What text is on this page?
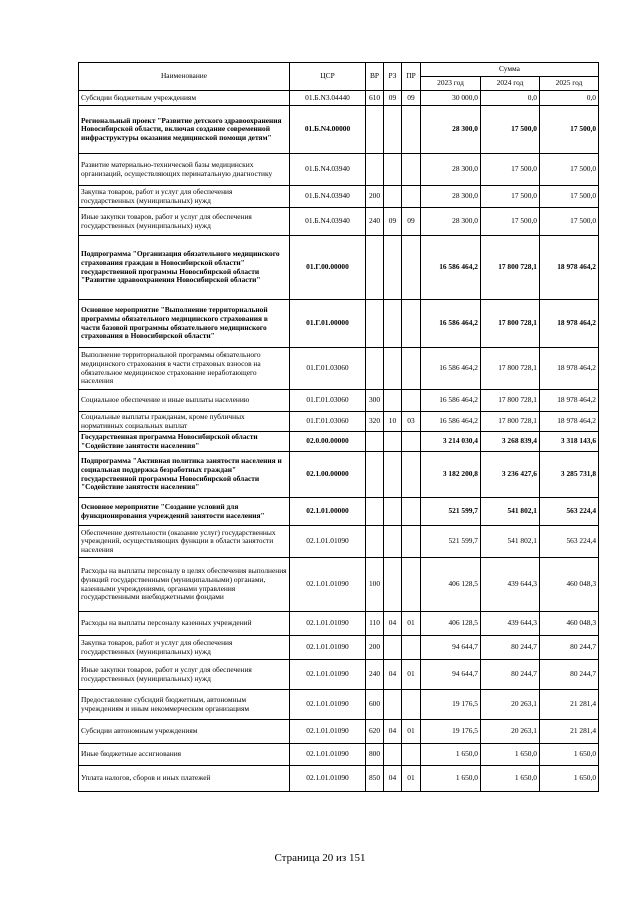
Наименование	ЦСР	ВР	РЗ	ПР	Сумма		
					2023 год	2024 год	2025 год
Субсидии бюджетным учреждениям	01.Б.N3.04440	610	09	09	30 000,0	0,0	0,0
Региональный проект "Развитие детского здравоохранения Новосибирской области, включая создание современной инфраструктуры оказания медицинской помощи детям"	01.Б.N4.00000				28 300,0	17 500,0	17 500,0
Развитие материально-технической базы медицинских организаций, осуществляющих перинатальную диагностику	01.Б.N4.03940				28 300,0	17 500,0	17 500,0
Закупка товаров, работ и услуг для обеспечения государственных (муниципальных) нужд	01.Б.N4.03940	200			28 300,0	17 500,0	17 500,0
Иные закупки товаров, работ и услуг для обеспечения государственных (муниципальных) нужд	01.Б.N4.03940	240	09	09	28 300,0	17 500,0	17 500,0
Подпрограмма "Организация обязательного медицинского страхования граждан в Новосибирской области" государственной программы Новосибирской области "Развитие здравоохранения Новосибирской области"	01.Г.00.00000				16 586 464,2	17 800 728,1	18 978 464,2
Основное мероприятие "Выполнение территориальной программы обязательного медицинского страхования в части базовой программы обязательного медицинского страхования в Новосибирской области"	01.Г.01.00000				16 586 464,2	17 800 728,1	18 978 464,2
Выполнение территориальной программы обязательного медицинского страхования в части страховых взносов на обязательное медицинское страхование неработающего населения	01.Г.01.03060				16 586 464,2	17 800 728,1	18 978 464,2
Социальное обеспечение и иные выплаты населению	01.Г.01.03060	300			16 586 464,2	17 800 728,1	18 978 464,2
Социальные выплаты гражданам, кроме публичных нормативных социальных выплат	01.Г.01.03060	320	10	03	16 586 464,2	17 800 728,1	18 978 464,2
Государственная программа Новосибирской области "Содействие занятости населения"	02.0.00.00000				3 214 030,4	3 268 839,4	3 318 143,6
Подпрограмма "Активная политика занятости населения и социальная поддержка безработных граждан" государственной программы Новосибирской области "Содействие занятости населения"	02.1.00.00000				3 182 200,8	3 236 427,6	3 285 731,8
Основное мероприятие "Создание условий для функционирования учреждений занятости населения"	02.1.01.00000				521 599,7	541 802,1	563 224,4
Обеспечение деятельности (оказание услуг) государственных учреждений, осуществляющих функции в области занятости населения	02.1.01.01090				521 599,7	541 802,1	563 224,4
Расходы на выплаты персоналу в целях обеспечения выполнения функций государственными (муниципальными) органами, казенными учреждениями, органами управления государственными внебюджетными фондами	02.1.01.01090	100			406 128,5	439 644,3	460 048,3
Расходы на выплаты персоналу казенных учреждений	02.1.01.01090	110	04	01	406 128,5	439 644,3	460 048,3
Закупка товаров, работ и услуг для обеспечения государственных (муниципальных) нужд	02.1.01.01090	200			94 644,7	80 244,7	80 244,7
Иные закупки товаров, работ и услуг для обеспечения государственных (муниципальных) нужд	02.1.01.01090	240	04	01	94 644,7	80 244,7	80 244,7
Предоставление субсидий бюджетным, автономным учреждениям и иным некоммерческим организациям	02.1.01.01090	600			19 176,5	20 263,1	21 281,4
Субсидии автономным учреждениям	02.1.01.01090	620	04	01	19 176,5	20 263,1	21 281,4
Иные бюджетные ассигнования	02.1.01.01090	800			1 650,0	1 650,0	1 650,0
Уплата налогов, сборов и иных платежей	02.1.01.01090	850	04	01	1 650,0	1 650,0	1 650,0
Страница 20 из 151
